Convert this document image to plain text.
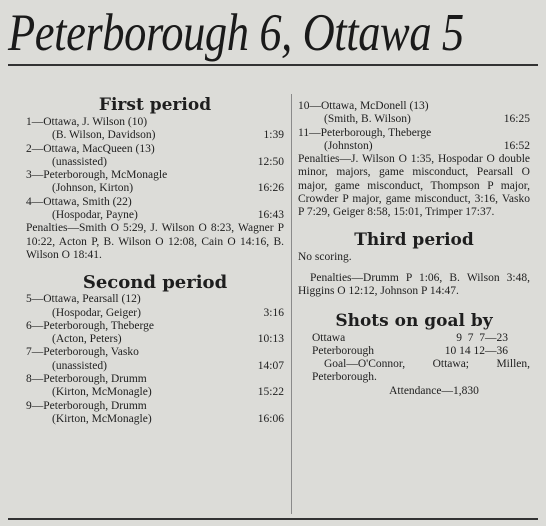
Peterborough 6, Ottawa 5
First period
1—Ottawa, J. Wilson (10)
(B. Wilson, Davidson)	1:39
2—Ottawa, MacQueen (13)
(unassisted)	12:50
3—Peterborough, McMonagle
(Johnson, Kirton)	16:26
4—Ottawa, Smith (22)
(Hospodar, Payne)	16:43
Penalties—Smith O 5:29, J. Wilson O 8:23, Wagner P 10:22, Acton P, B. Wilson O 12:08, Cain O 14:16, B. Wilson O 18:41.
Second period
5—Ottawa, Pearsall (12)
(Hospodar, Geiger)	3:16
6—Peterborough, Theberge
(Acton, Peters)	10:13
7—Peterborough, Vasko
(unassisted)	14:07
8—Peterborough, Drumm
(Kirton, McMonagle)	15:22
9—Peterborough, Drumm
(Kirton, McMonagle)	16:06
10—Ottawa, McDonell (13)
(Smith, B. Wilson)	16:25
11—Peterborough, Theberge
(Johnston)	16:52
Penalties—J. Wilson O 1:35, Hospodar O double minor, majors, game misconduct, Pearsall O major, game misconduct, Thompson P major, Crowder P major, game misconduct, 3:16, Vasko P 7:29, Geiger 8:58, 15:01, Trimper 17:37.
Third period
No scoring.
Penalties—Drumm P 1:06, B. Wilson 3:48, Higgins O 12:12, Johnson P 14:47.
Shots on goal by
Ottawa	9 7 7—23
Peterborough	10 14 12—36
Goal—O'Connor, Ottawa; Millen, Peterborough.
Attendance—1,830
